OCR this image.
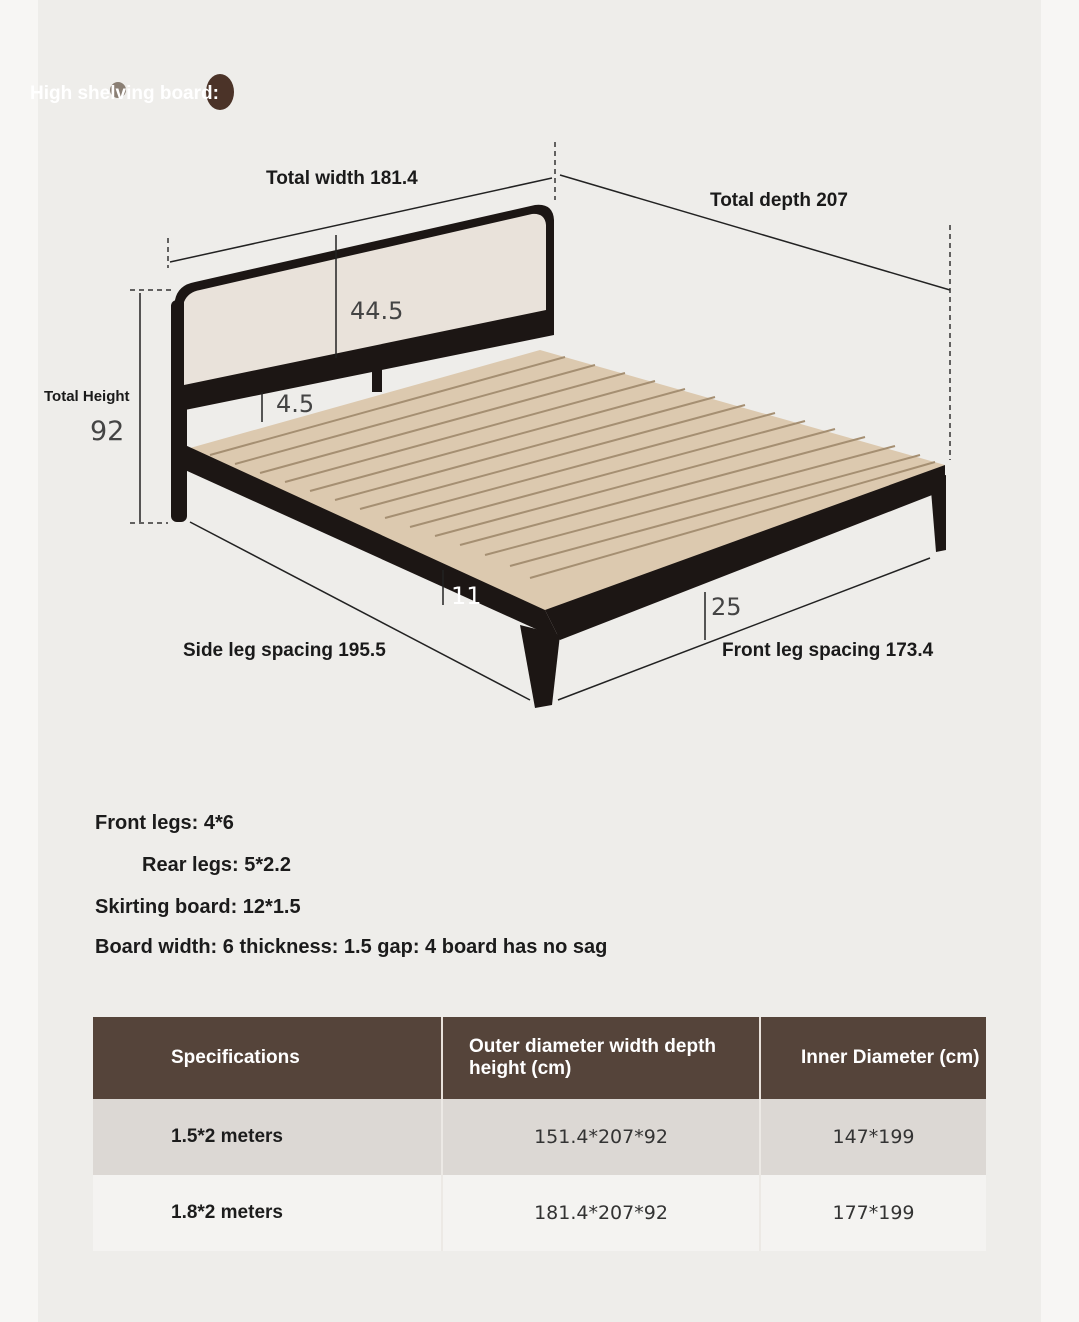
High shelving board:
Total width 181.4
Total depth 207
44.5
4.5
Total Height
92
11	25
Side leg spacing 195.5	Front leg spacing 173.4
Front legs: 4*6
Rear legs: 5*2.2
Skirting board: 12*1.5
Board width: 6 thickness: 1.5 gap: 4 board has no sag
Specifications	Outer diameter width depth height (cm)	Inner Diameter (cm)
1.5*2 meters	151.4*207*92	147*199
1.8*2 meters	181.4*207*92	177*199
